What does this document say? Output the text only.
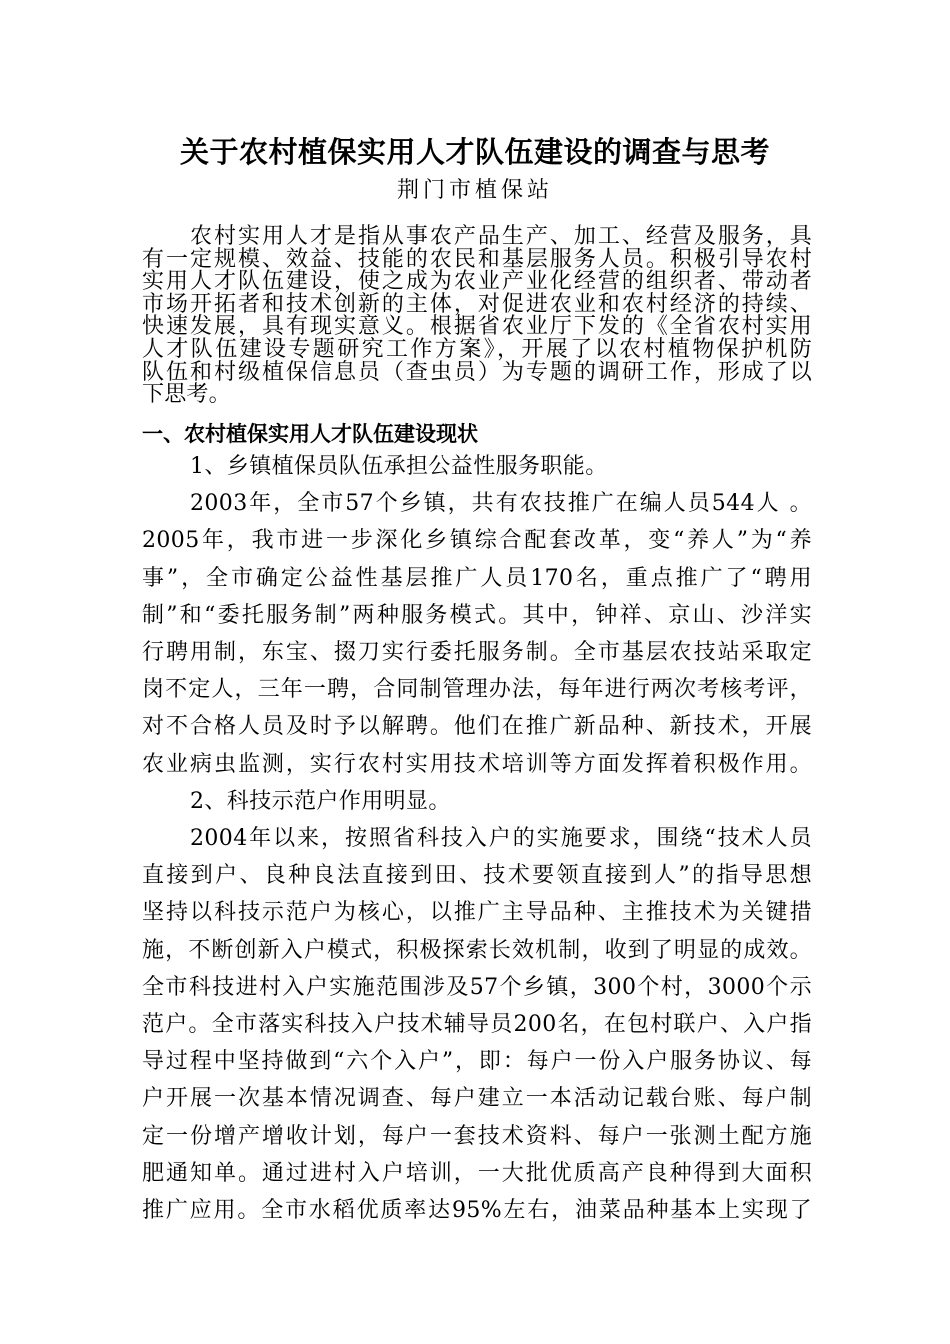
关于农村植保实用人才队伍建设的调查与思考
荆门市植保站
农村实用人才是指从事农产品生产、加工、经营及服务，具
有一定规模、效益、技能的农民和基层服务人员。积极引导农村
实用人才队伍建设，使之成为农业产业化经营的组织者、带动者
市场开拓者和技术创新的主体，对促进农业和农村经济的持续、
快速发展，具有现实意义。根据省农业厅下发的《全省农村实用
人才队伍建设专题研究工作方案》，开展了以农村植物保护机防
队伍和村级植保信息员（查虫员）为专题的调研工作，形成了以
下思考。
一、农村植保实用人才队伍建设现状
1、乡镇植保员队伍承担公益性服务职能。
2003年，全市57个乡镇，共有农技推广在编人员544人 。
2005年，我市进一步深化乡镇综合配套改革，变“养人”为“养
事”，全市确定公益性基层推广人员170名，重点推广了“聘用
制”和“委托服务制”两种服务模式。其中，钟祥、京山、沙洋实
行聘用制，东宝、掇刀实行委托服务制。全市基层农技站采取定
岗不定人，三年一聘，合同制管理办法，每年进行两次考核考评，
对不合格人员及时予以解聘。他们在推广新品种、新技术，开展
农业病虫监测，实行农村实用技术培训等方面发挥着积极作用。
2、科技示范户作用明显。
2004年以来，按照省科技入户的实施要求，围绕“技术人员
直接到户、良种良法直接到田、技术要领直接到人”的指导思想
坚持以科技示范户为核心，以推广主导品种、主推技术为关键措
施，不断创新入户模式，积极探索长效机制，收到了明显的成效。
全市科技进村入户实施范围涉及57个乡镇，300个村，3000个示
范户。全市落实科技入户技术辅导员200名，在包村联户、入户指
导过程中坚持做到“六个入户”，即：每户一份入户服务协议、每
户开展一次基本情况调查、每户建立一本活动记载台账、每户制
定一份增产增收计划，每户一套技术资料、每户一张测土配方施
肥通知单。通过进村入户培训，一大批优质高产良种得到大面积
推广应用。全市水稻优质率达95%左右，油菜品种基本上实现了
